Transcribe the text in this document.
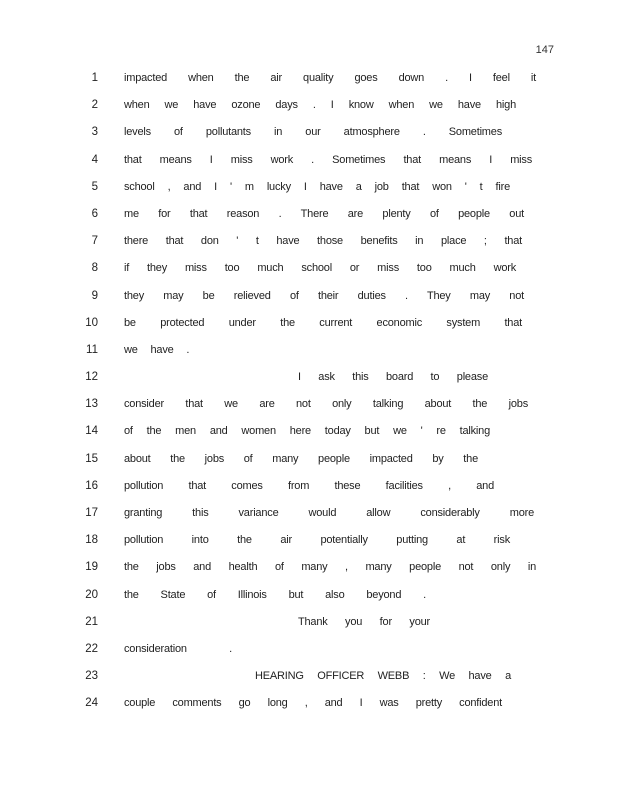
147
1 impacted when the air quality goes down . I feel it
2 when we have ozone days . I know when we have high
3 levels of pollutants in our atmosphere . Sometimes
4 that means I miss work . Sometimes that means I miss
5 school , and I ' m lucky I have a job that won ' t fire
6 me for that reason . There are plenty of people out
7 there that don ' t have those benefits in place ; that
8 if they miss too much school or miss too much work
9 they may be relieved of their duties . They may not
10 be protected under the current economic system that
11 we have .
12	I ask this board to please
13 consider that we are not only talking about the jobs
14 of the men and women here today but we ' re talking
15 about the jobs of many people impacted by the
16 pollution that comes from these facilities , and
17 granting this variance would allow considerably more
18 pollution into the air potentially putting at risk
19 the jobs and health of many , many people not only in
20 the State of Illinois but also beyond .
21	Thank you for your
22 consideration .
23	HEARING OFFICER WEBB : We have a
24 couple comments go long , and I was pretty confident
